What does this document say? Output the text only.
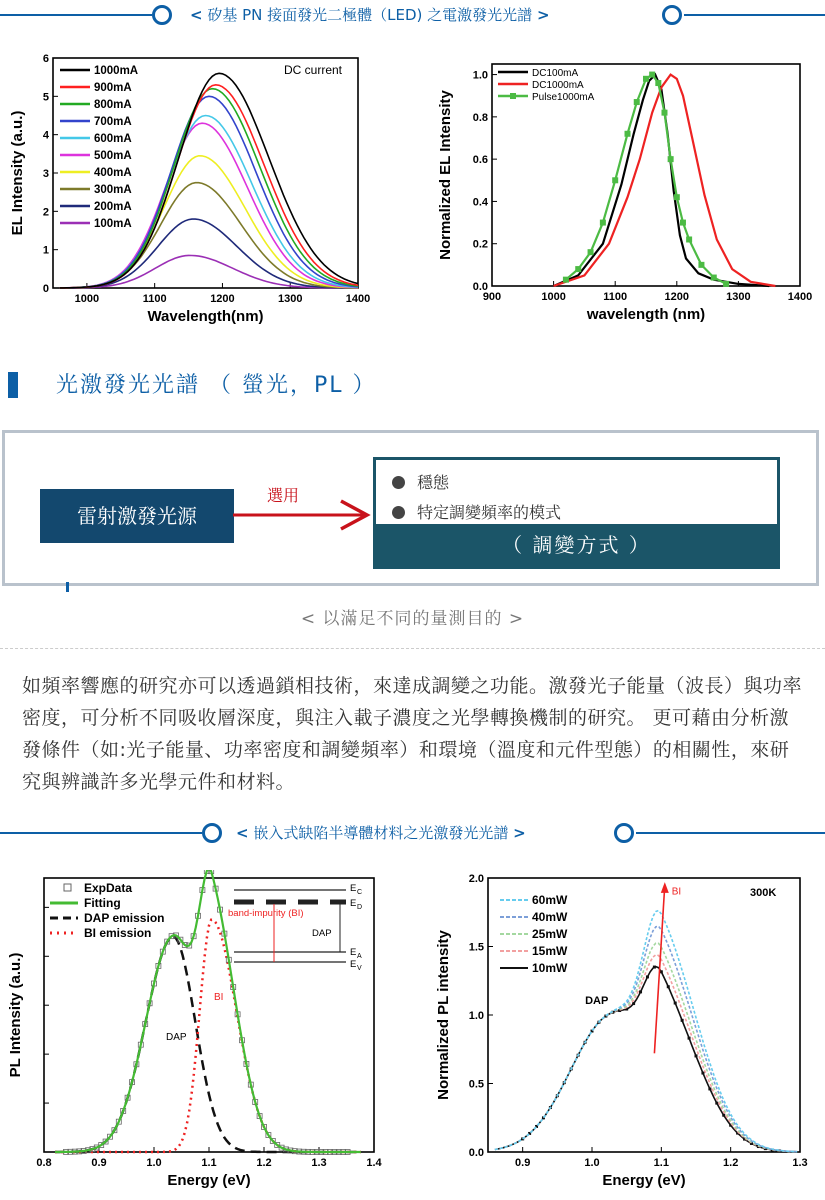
< 矽基 PN 接面發光二極體（LED) 之電激發光光譜 >
1000	1100	1200	1300	1400
0
1
2
3
4
5
6
Wavelength(nm)
EL Intensity (a.u.)
1000mA
900mA
800mA
700mA
600mA
500mA
400mA
300mA
200mA
100mA
DC current
900	1000	1100	1200	1300	1400
0.0
0.2
0.4
0.6
0.8
1.0
wavelength (nm)
Normalized EL Intensity
DC100mA
DC1000mA
Pulse1000mA
光激發光光譜 （ 螢光，PL ）
雷射激發光源
選用
穩態
特定調變頻率的模式
（ 調變方式 ）
< 以滿足不同的量測目的 >
如頻率響應的研究亦可以透過鎖相技術，來達成調變之功能。激發光子能量（波長）與功率密度，可分析不同吸收層深度，與注入載子濃度之光學轉換機制的研究。 更可藉由分析激發條件（如:光子能量、功率密度和調變頻率）和環境（溫度和元件型態）的相關性，來研究與辨識許多光學元件和材料。
< 嵌入式缺陷半導體材料之光激發光光譜 >
0.8	0.9	1.0	1.1	1.2	1.3	1.4
Energy (eV)
PL Intensity (a.u.)
ExpData
Fitting
DAP emission
BI emission
band-impurity (BI)
DAP
E C
E D
E A
E V
DAP
BI
0.9	1.0	1.1	1.2	1.3
0.0
0.5
1.0
1.5
2.0
Energy (eV)
Normalized PL intensity
60mW
40mW
25mW
15mW
10mW
300K
BI
DAP
